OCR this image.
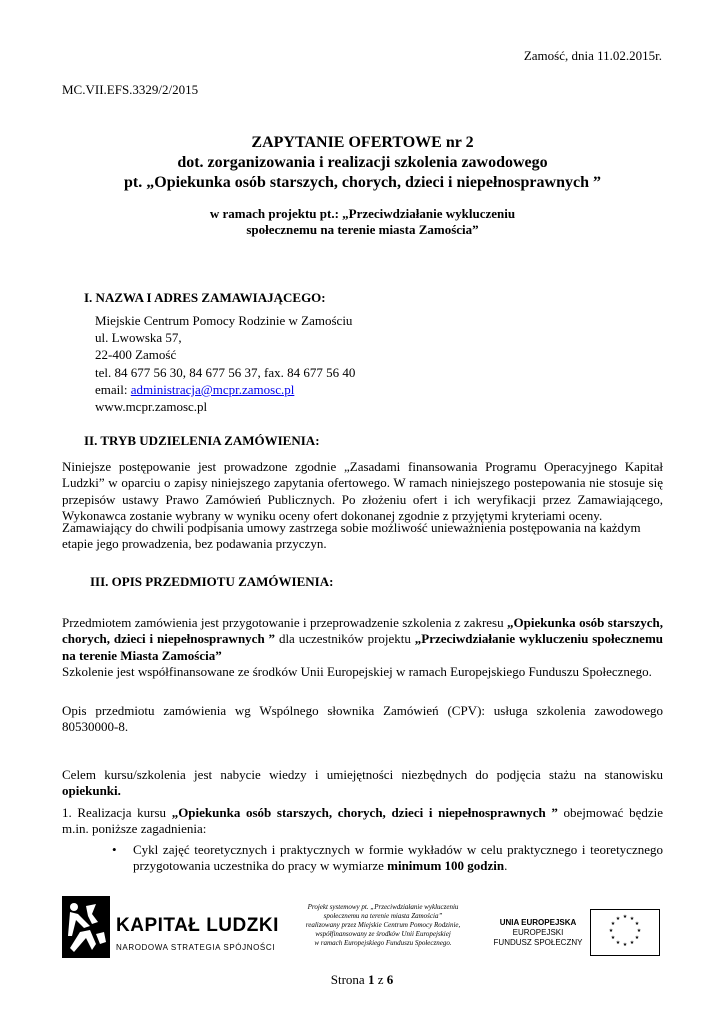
Zamość, dnia 11.02.2015r.
MC.VII.EFS.3329/2/2015
ZAPYTANIE OFERTOWE nr 2
dot. zorganizowania i realizacji szkolenia zawodowego
pt. „Opiekunka osób starszych, chorych, dzieci i niepełnosprawnych ”
w ramach projektu pt.: „Przeciwdziałanie wykluczeniu
społecznemu na terenie miasta Zamościa”
I. NAZWA I ADRES ZAMAWIAJĄCEGO:
Miejskie Centrum Pomocy Rodzinie w Zamościu
ul. Lwowska 57,
22-400 Zamość
tel. 84 677 56 30, 84 677 56 37, fax. 84 677 56 40
email: administracja@mcpr.zamosc.pl
www.mcpr.zamosc.pl
II. TRYB UDZIELENIA ZAMÓWIENIA:

Niniejsze postępowanie jest prowadzone zgodnie „Zasadami finansowania Programu Operacyjnego Kapitał Ludzki” w oparciu o zapisy niniejszego zapytania ofertowego. W ramach niniejszego postepowania nie stosuje się przepisów ustawy Prawo Zamówień Publicznych. Po złożeniu ofert i ich weryfikacji przez Zamawiającego, Wykonawca zostanie wybrany w wyniku oceny ofert dokonanej zgodnie z przyjętymi kryteriami oceny.

Zamawiający do chwili podpisania umowy zastrzega sobie możliwość unieważnienia postępowania na każdym
etapie jego prowadzenia, bez podawania przyczyn.
III. OPIS PRZEDMIOTU ZAMÓWIENIA:

Przedmiotem zamówienia jest przygotowanie i przeprowadzenie szkolenia z zakresu „Opiekunka osób starszych, chorych, dzieci i niepełnosprawnych ” dla uczestników projektu „Przeciwdziałanie wykluczeniu społecznemu na terenie Miasta Zamościa”

Szkolenie jest współfinansowane ze środków Unii Europejskiej w ramach Europejskiego Funduszu Społecznego.

Opis przedmiotu zamówienia wg Wspólnego słownika Zamówień (CPV): usługa szkolenia zawodowego 80530000-8.

Celem kursu/szkolenia jest nabycie wiedzy i umiejętności niezbędnych do podjęcia stażu na stanowisku opiekunki.

1. Realizacja kursu „Opiekunka osób starszych, chorych, dzieci i niepełnosprawnych ” obejmować będzie m.in. poniższe zagadnienia:

•	Cykl zajęć teoretycznych i praktycznych w formie wykładów w celu praktycznego i teoretycznego przygotowania uczestnika do pracy w wymiarze minimum 100 godzin.

KAPITAŁ LUDZKI
NARODOWA STRATEGIA SPÓJNOŚCI
Projekt systemowy pt. „Przeciwdziałanie wykluczeniu
społecznemu na terenie miasta Zamościa”
realizowany przez Miejskie Centrum Pomocy Rodzinie,
współfinansowany ze środków Unii Europejskiej
w ramach Europejskiego Funduszu Społecznego.
UNIA EUROPEJSKA
EUROPEJSKI
FUNDUSZ SPOŁECZNY
★ ★
★
★
★
★
★
★
★
★
★
★
Strona 1 z 6
